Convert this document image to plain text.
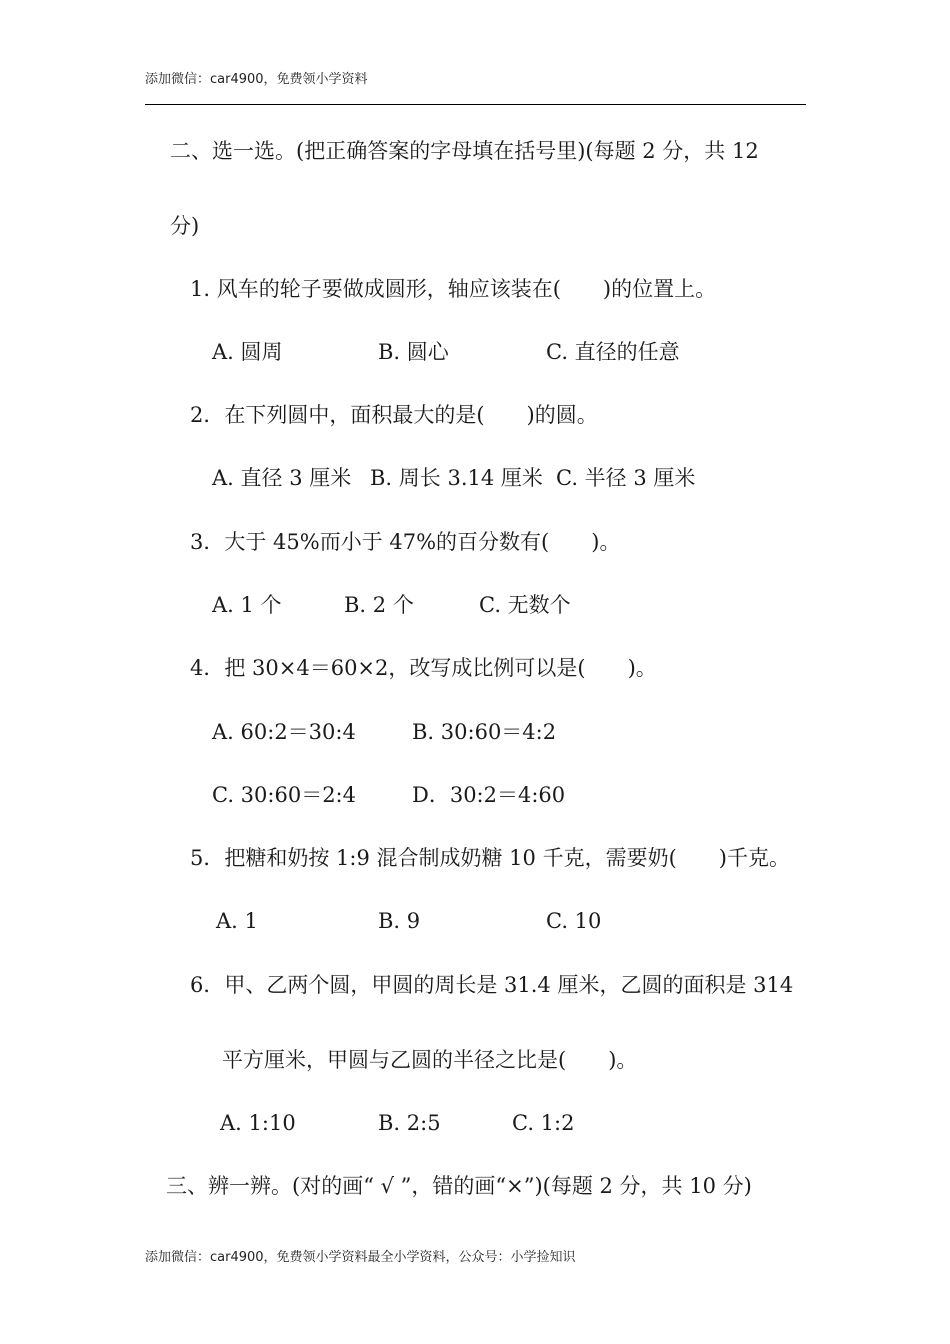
添加微信：car4900，免费领小学资料
二、选一选。(把正确答案的字母填在括号里)(每题 2 分，共 12
分)
1. 风车的轮子要做成圆形，轴应该装在(　　)的位置上。
A. 圆周	B. 圆心	C. 直径的任意
2．在下列圆中，面积最大的是(　　)的圆。
A. 直径 3 厘米 B. 周长 3.14 厘米 C. 半径 3 厘米
3．大于 45%而小于 47%的百分数有(　　)。
A. 1 个	B. 2 个	C. 无数个
4．把 30×4＝60×2，改写成比例可以是(　　)。
A. 60:2＝30:4	B. 30:60＝4:2
C. 30:60＝2:4	D．30:2＝4:60
5．把糖和奶按 1:9 混合制成奶糖 10 千克，需要奶(　　)千克。
A. 1	B. 9	C. 10
6．甲、乙两个圆，甲圆的周长是 31.4 厘米，乙圆的面积是 314
平方厘米，甲圆与乙圆的半径之比是(　　)。
A. 1:10	B. 2:5	C. 1:2
三、辨一辨。(对的画“ √ ”，错的画“×”)(每题 2 分，共 10 分)
添加微信：car4900，免费领小学资料最全小学资料，公众号：小学捡知识
